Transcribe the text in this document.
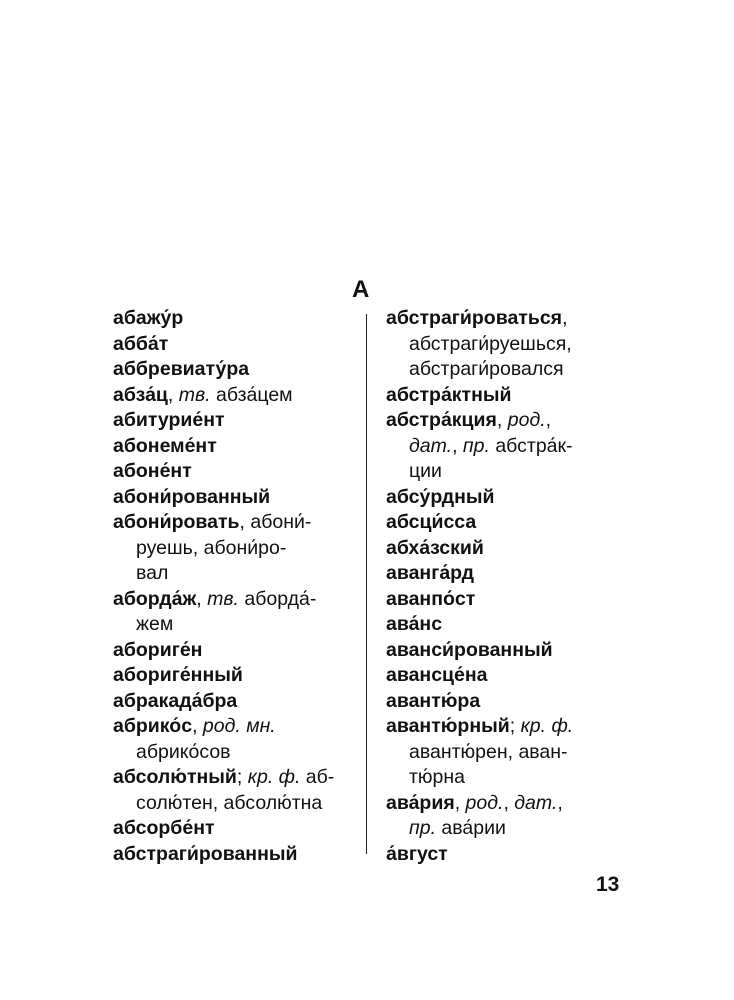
А
абажу́р
абба́т
аббревиату́ра
абза́ц, тв. абза́цем
абитурие́нт
абонеме́нт
абоне́нт
абони́рованный
абони́ровать, абони́-
руешь, абони́ро-
вал
аборда́ж, тв. аборда́-
жем
абориге́н
абориге́нный
абракада́бра
абрико́с, род. мн.
абрико́сов
абсолю́тный; кр. ф. аб-
солю́тен, абсолю́тна
абсорбе́нт
абстраги́рованный
абстраги́роваться,
абстраги́руешься,
абстраги́ровался
абстра́ктный
абстра́кция, род.,
дат., пр. абстра́к-
ции
абсу́рдный
абсци́сса
абха́зский
аванга́рд
аванпо́ст
ава́нс
аванси́рованный
авансце́на
авантю́ра
авантю́рный; кр. ф.
авантю́рен, аван-
тю́рна
ава́рия, род., дат.,
пр. ава́рии
а́вгуст
13
